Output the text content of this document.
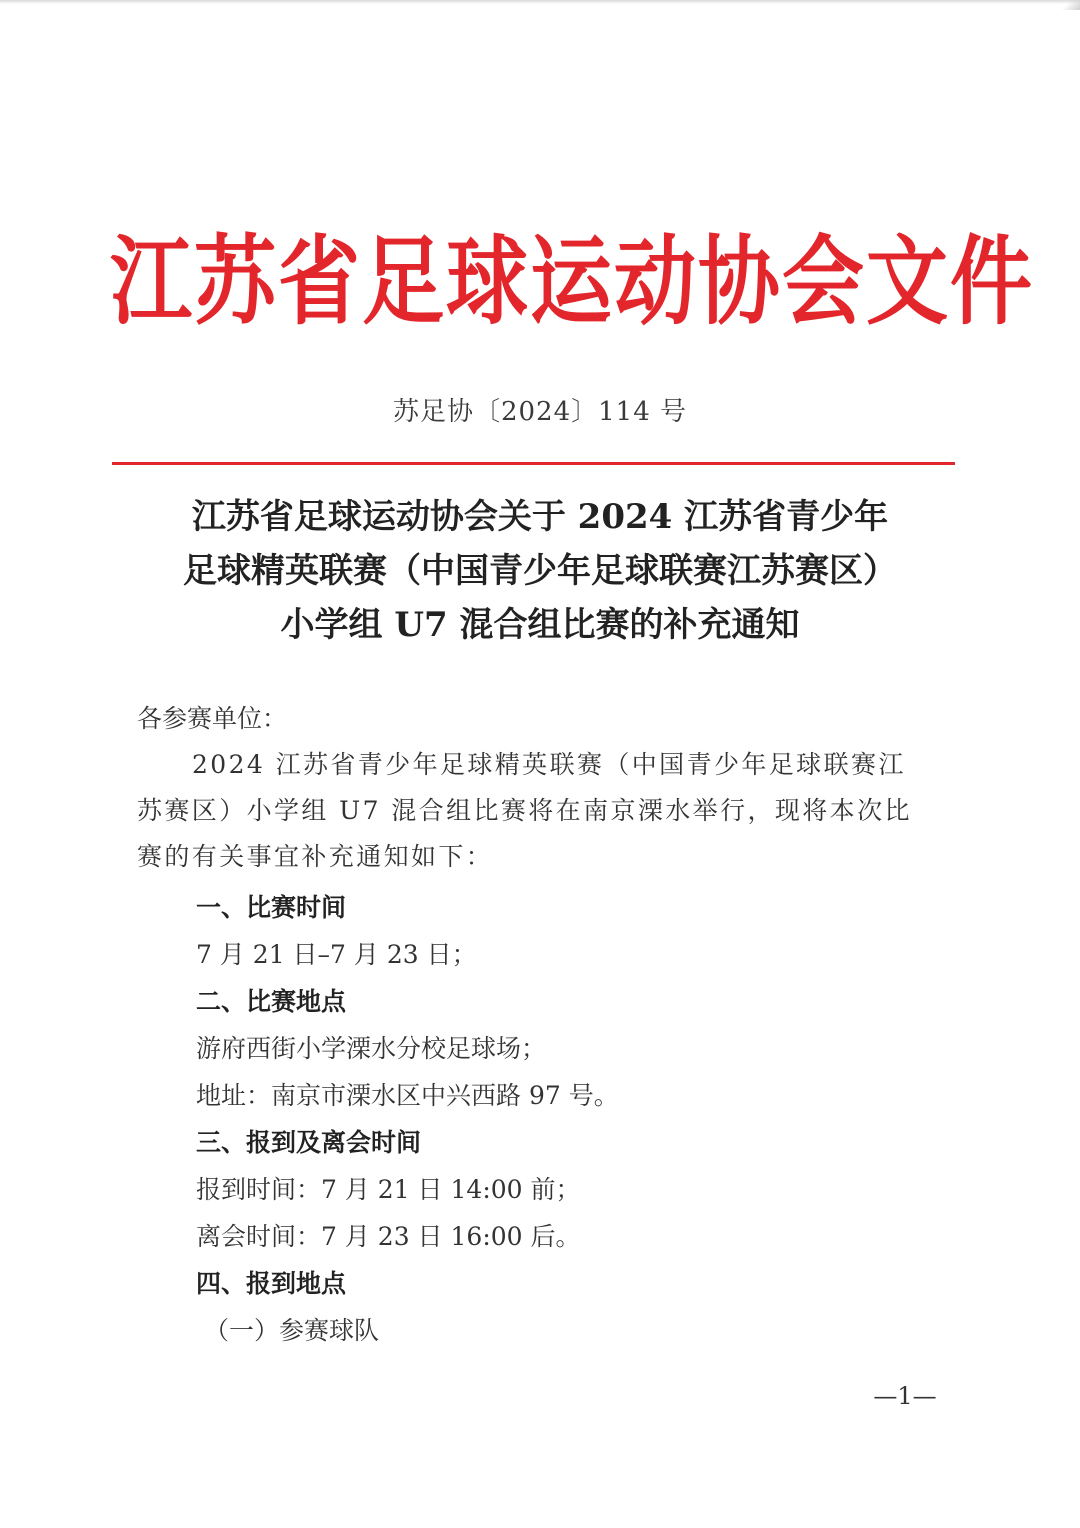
江苏省足球运动协会文件
苏足协〔2024〕114 号
江苏省足球运动协会关于 2024 江苏省青少年
足球精英联赛（中国青少年足球联赛江苏赛区）
小学组 U7 混合组比赛的补充通知
各参赛单位：
2024 江苏省青少年足球精英联赛（中国青少年足球联赛江
苏赛区）小学组 U7 混合组比赛将在南京溧水举行，现将本次比
赛的有关事宜补充通知如下：
一、比赛时间
7 月 21 日–7 月 23 日；
二、比赛地点
游府西街小学溧水分校足球场；
地址：南京市溧水区中兴西路 97 号。
三、报到及离会时间
报到时间：7 月 21 日 14:00 前；
离会时间：7 月 23 日 16:00 后。
四、报到地点
（一）参赛球队
—1—
